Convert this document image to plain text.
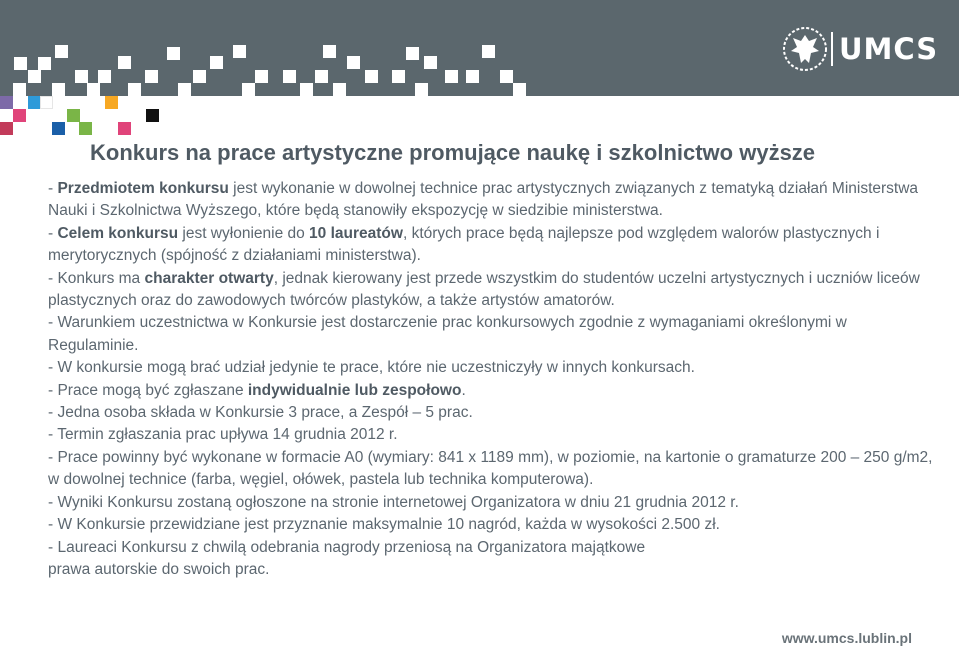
UMCS
Konkurs na prace artystyczne promujące naukę i szkolnictwo wyższe

- Przedmiotem konkursu jest wykonanie w dowolnej technice prac artystycznych związanych z tematyką działań Ministerstwa Nauki i Szkolnictwa Wyższego, które będą stanowiły ekspozycję w siedzibie ministerstwa.

- Celem konkursu jest wyłonienie do 10 laureatów, których prace będą najlepsze pod względem walorów plastycznych i merytorycznych (spójność z działaniami ministerstwa).

- Konkurs ma charakter otwarty, jednak kierowany jest przede wszystkim do studentów uczelni artystycznych i uczniów liceów plastycznych oraz do zawodowych twórców plastyków, a także artystów amatorów.

- Warunkiem uczestnictwa w Konkursie jest dostarczenie prac konkursowych zgodnie z wymaganiami określonymi w Regulaminie.

- W konkursie mogą brać udział jedynie te prace, które nie uczestniczyły w innych konkursach.

- Prace mogą być zgłaszane indywidualnie lub zespołowo.

- Jedna osoba składa w Konkursie 3 prace, a Zespół – 5 prac.

- Termin zgłaszania prac upływa 14 grudnia 2012 r.

- Prace powinny być wykonane w formacie A0 (wymiary: 841 x 1189 mm), w poziomie, na kartonie o gramaturze 200 – 250 g/m2, w dowolnej technice (farba, węgiel, ołówek, pastela lub technika komputerowa).

- Wyniki Konkursu zostaną ogłoszone na stronie internetowej Organizatora w dniu 21 grudnia 2012 r.

- W Konkursie przewidziane jest przyznanie maksymalnie 10 nagród, każda w wysokości 2.500 zł.

- Laureaci Konkursu z chwilą odebrania nagrody przeniosą na Organizatora majątkowe
prawa autorskie do swoich prac.

www.umcs.lublin.pl
